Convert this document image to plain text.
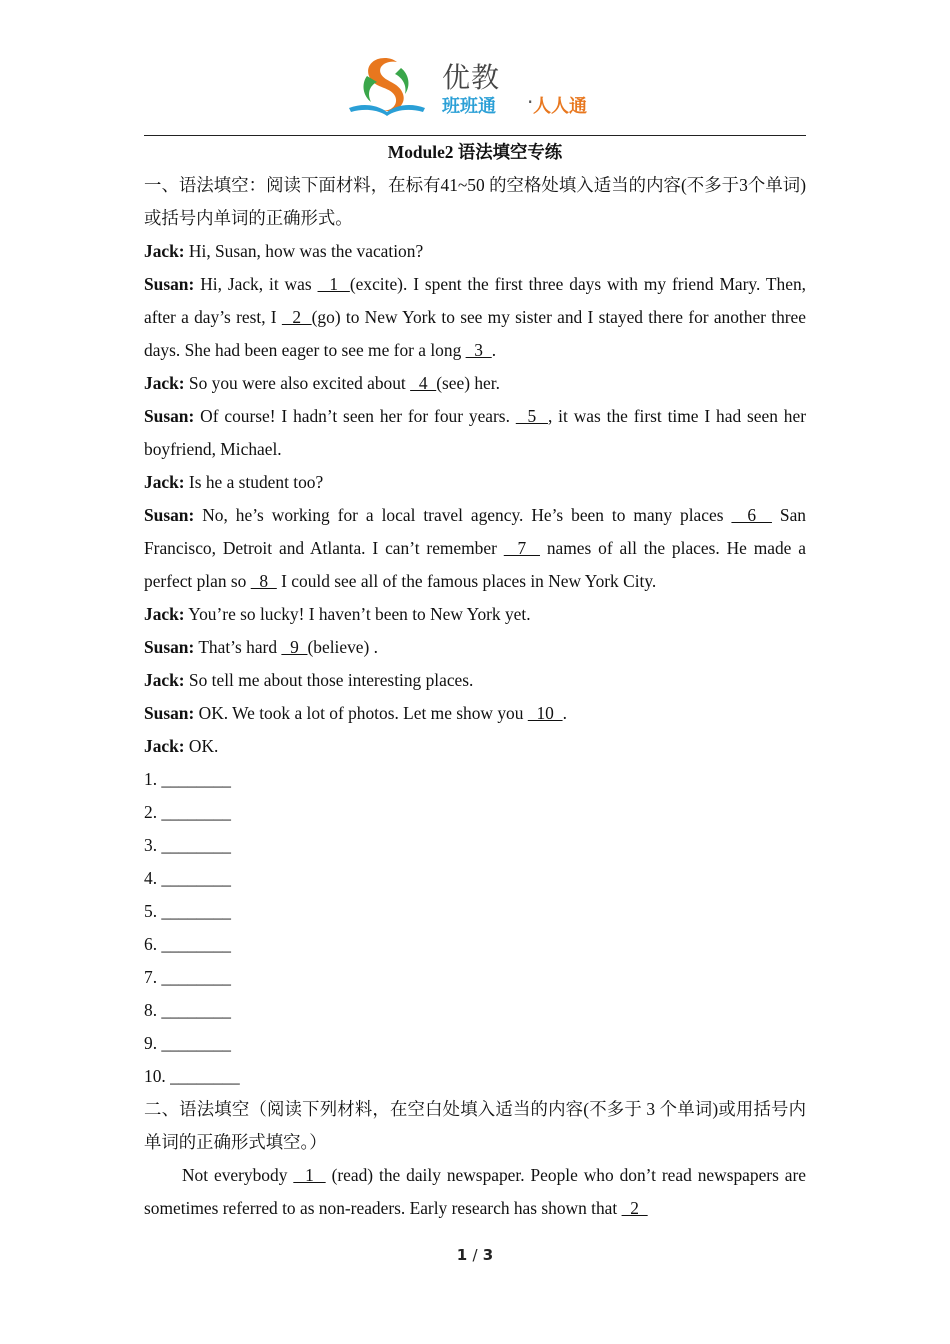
优教
班班通 · 人人通

Module2 语法填空专练

一、语法填空：阅读下面材料，在标有41~50 的空格处填入适当的内容(不多于3个单词)或括号内单词的正确形式。

Jack: Hi, Susan, how was the vacation?

Susan: Hi, Jack, it was   1  (excite). I spent the first three days with my friend Mary. Then, after a day’s rest, I   2  (go) to New York to see my sister and I stayed there for another three days. She had been eager to see me for a long   3  .

Jack: So you were also excited about   4  (see) her.

Susan: Of course! I hadn’t seen her for four years.   5  , it was the first time I had seen her boyfriend, Michael.

Jack: Is he a student too?

Susan: No, he’s working for a local travel agency. He’s been to many places   6   San Francisco, Detroit and Atlanta. I can’t remember   7   names of all the places. He made a perfect plan so   8   I could see all of the famous places in New York City.

Jack: You’re so lucky! I haven’t been to New York yet.

Susan: That’s hard   9  (believe) .

Jack: So tell me about those interesting places.

Susan: OK. We took a lot of photos. Let me show you   10  .

Jack: OK.

1. ________

2. ________

3. ________

4. ________

5. ________

6. ________

7. ________

8. ________

9. ________

10. ________

二、语法填空（阅读下列材料，在空白处填入适当的内容(不多于 3 个单词)或用括号内单词的正确形式填空。）

Not everybody   1   (read) the daily newspaper. People who don’t read newspapers are sometimes referred to as non-readers. Early research has shown that   2

1 / 3
